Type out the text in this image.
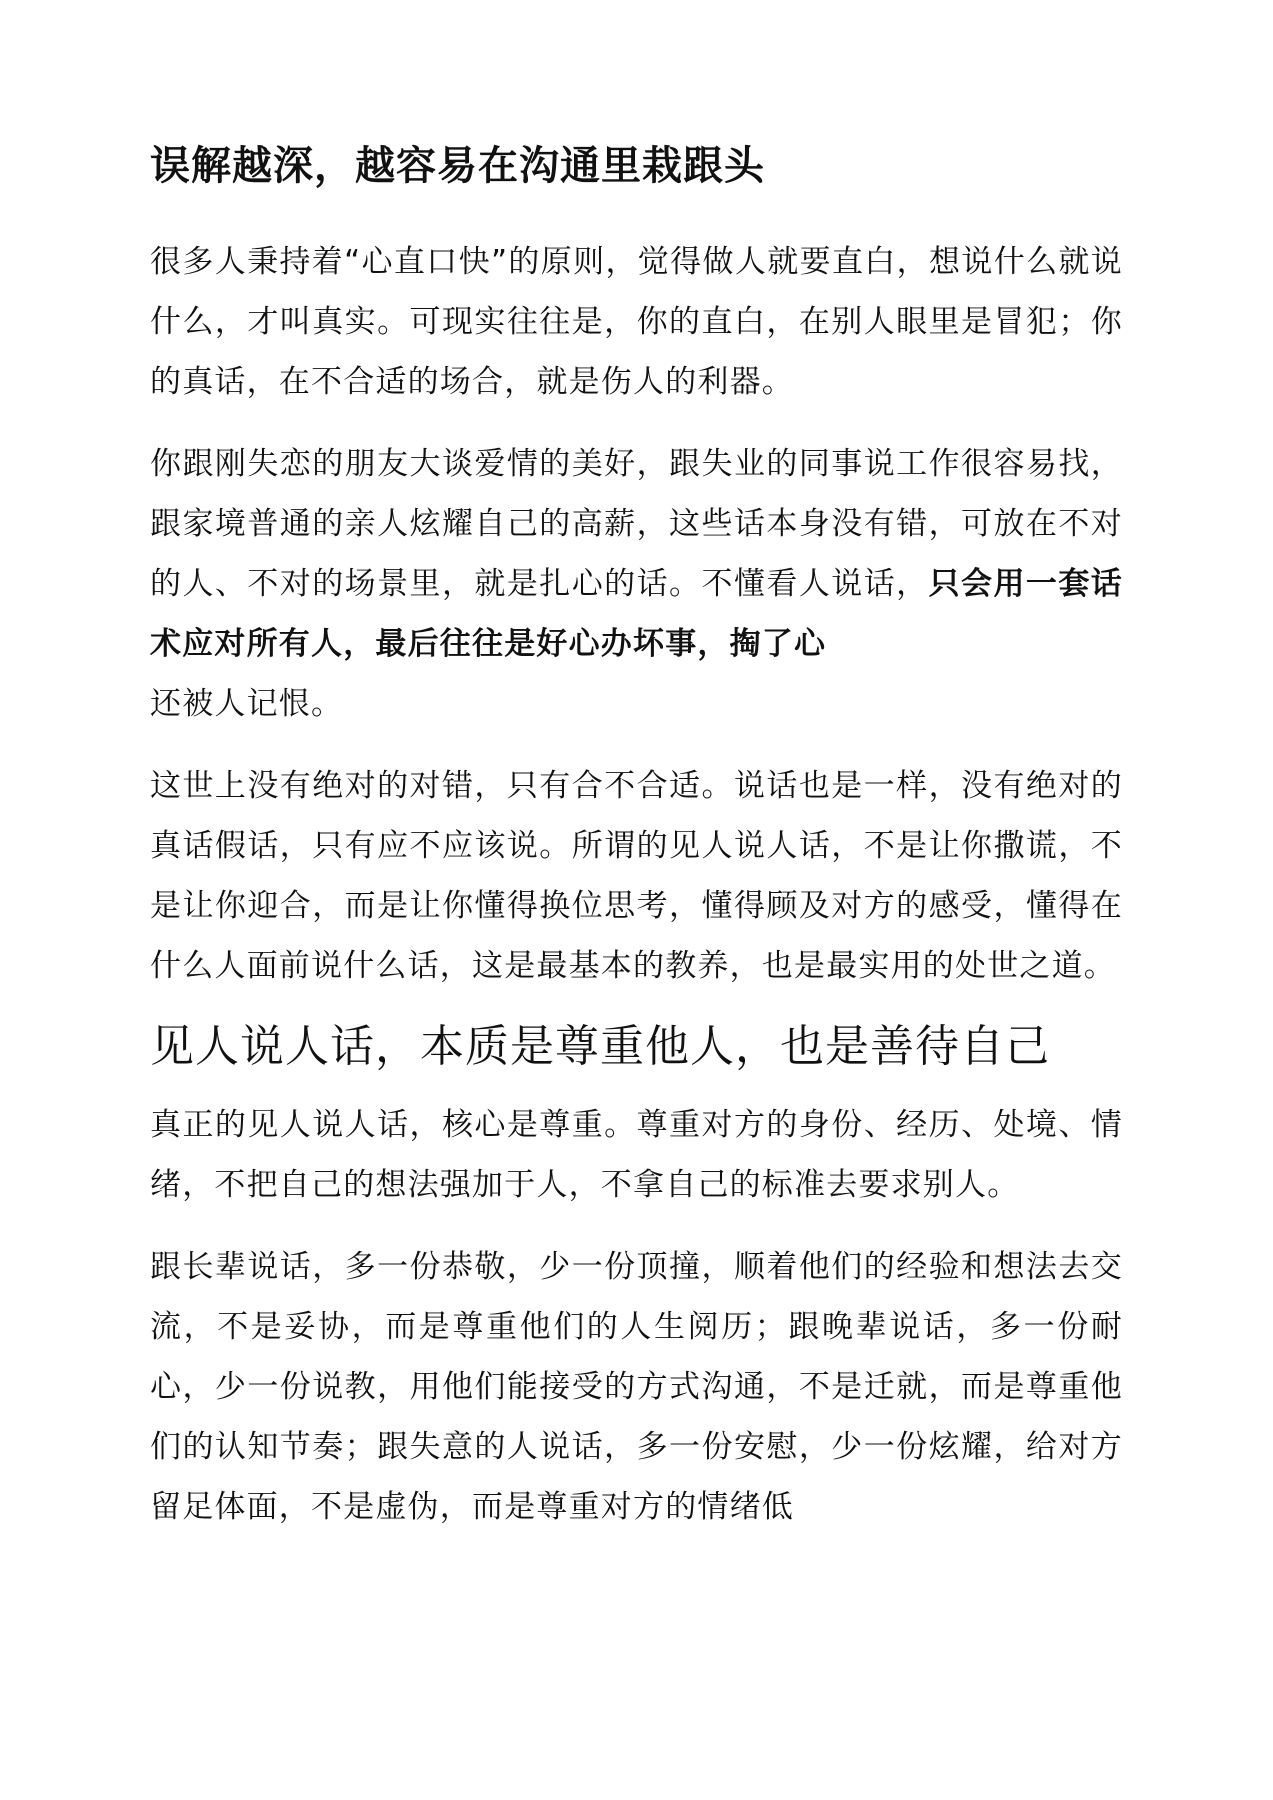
误解越深，越容易在沟通里栽跟头

很多人秉持着“心直口快”的原则，觉得做人就要直白，想说什么就说什么，才叫真实。可现实往往是，你的直白，在别人眼里是冒犯；你的真话，在不合适的场合，就是伤人的利器。

你跟刚失恋的朋友大谈爱情的美好，跟失业的同事说工作很容易找，跟家境普通的亲人炫耀自己的高薪，这些话本身没有错，可放在不对的人、不对的场景里，就是扎心的话。不懂看人说话，只会用一套话术应对所有人，最后往往是好心办坏事，掏了心
还被人记恨。

这世上没有绝对的对错，只有合不合适。说话也是一样，没有绝对的真话假话，只有应不应该说。所谓的见人说人话，不是让你撒谎，不是让你迎合，而是让你懂得换位思考，懂得顾及对方的感受，懂得在什么人面前说什么话，这是最基本的教养，也是最实用的处世之道。

见人说人话，本质是尊重他人，也是善待自己

真正的见人说人话，核心是尊重。尊重对方的身份、经历、处境、情绪，不把自己的想法强加于人，不拿自己的标准去要求别人。

跟长辈说话，多一份恭敬，少一份顶撞，顺着他们的经验和想法去交流，不是妥协，而是尊重他们的人生阅历；跟晚辈说话，多一份耐心，少一份说教，用他们能接受的方式沟通，不是迁就，而是尊重他们的认知节奏；跟失意的人说话，多一份安慰，少一份炫耀，给对方留足体面，不是虚伪，而是尊重对方的情绪低
